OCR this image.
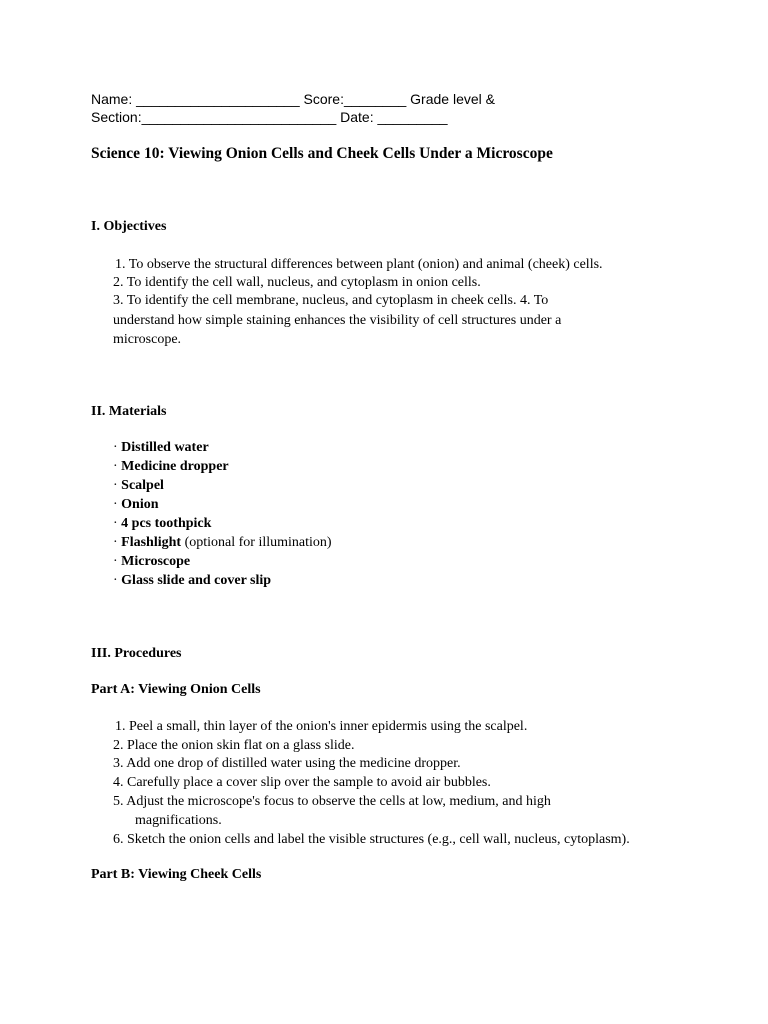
Name: _____________________ Score:________ Grade level &
Section:_________________________ Date: _________
Science 10: Viewing Onion Cells and Cheek Cells Under a Microscope
I. Objectives
1. To observe the structural differences between plant (onion) and animal (cheek) cells.
2. To identify the cell wall, nucleus, and cytoplasm in onion cells.
3. To identify the cell membrane, nucleus, and cytoplasm in cheek cells. 4. To
understand how simple staining enhances the visibility of cell structures under a
microscope.
II. Materials
· Distilled water
· Medicine dropper
· Scalpel
· Onion
· 4 pcs toothpick
· Flashlight (optional for illumination)
· Microscope
· Glass slide and cover slip
III. Procedures
Part A: Viewing Onion Cells
1. Peel a small, thin layer of the onion's inner epidermis using the scalpel.
2. Place the onion skin flat on a glass slide.
3. Add one drop of distilled water using the medicine dropper.
4. Carefully place a cover slip over the sample to avoid air bubbles.
5. Adjust the microscope's focus to observe the cells at low, medium, and high
magnifications.
6. Sketch the onion cells and label the visible structures (e.g., cell wall, nucleus, cytoplasm).
Part B: Viewing Cheek Cells
